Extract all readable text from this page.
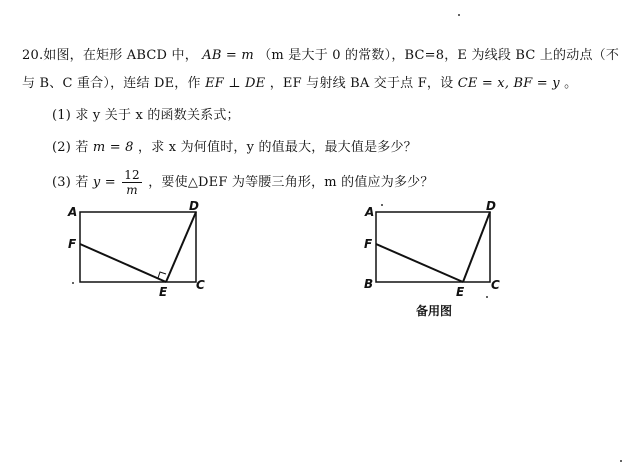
20.如图，在矩形 ABCD 中， AB = m （m 是大于 0 的常数），BC=8，E 为线段 BC 上的动点（不
与 B、C 重合），连结 DE，作 EF ⊥ DE ，EF 与射线 BA 交于点 F，设 CE = x, BF = y 。
(1) 求 y 关于 x 的函数关系式；
(2) 若 m = 8 ，求 x 为何值时，y 的值最大，最大值是多少？
(3) 若 $y = \frac{12}{m}$ ，要使△DEF 为等腰三角形，m 的值应为多少？
A	D
F
E C
A	D
F
B
E C
备用图
